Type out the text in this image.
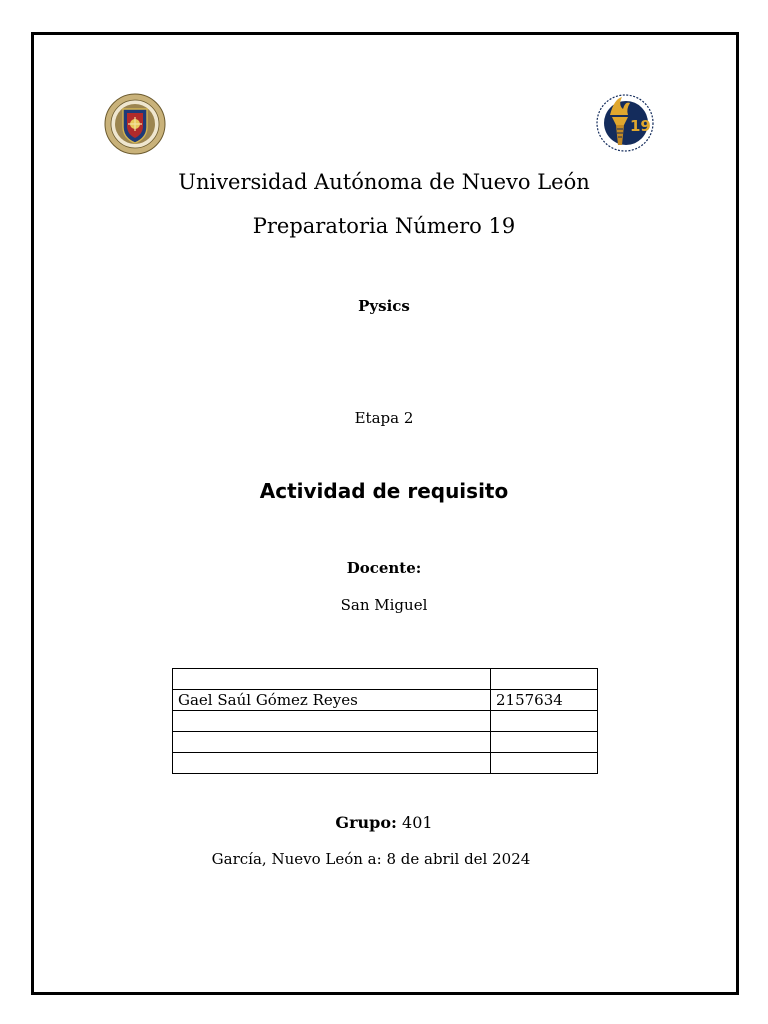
19
Universidad Autónoma de Nuevo León
Preparatoria Número 19
Pysics
Etapa 2
Actividad de requisito
Docente:
San Miguel

Gael Saúl Gómez Reyes	2157634

Grupo: 401
García, Nuevo León a: 8 de abril del 2024
